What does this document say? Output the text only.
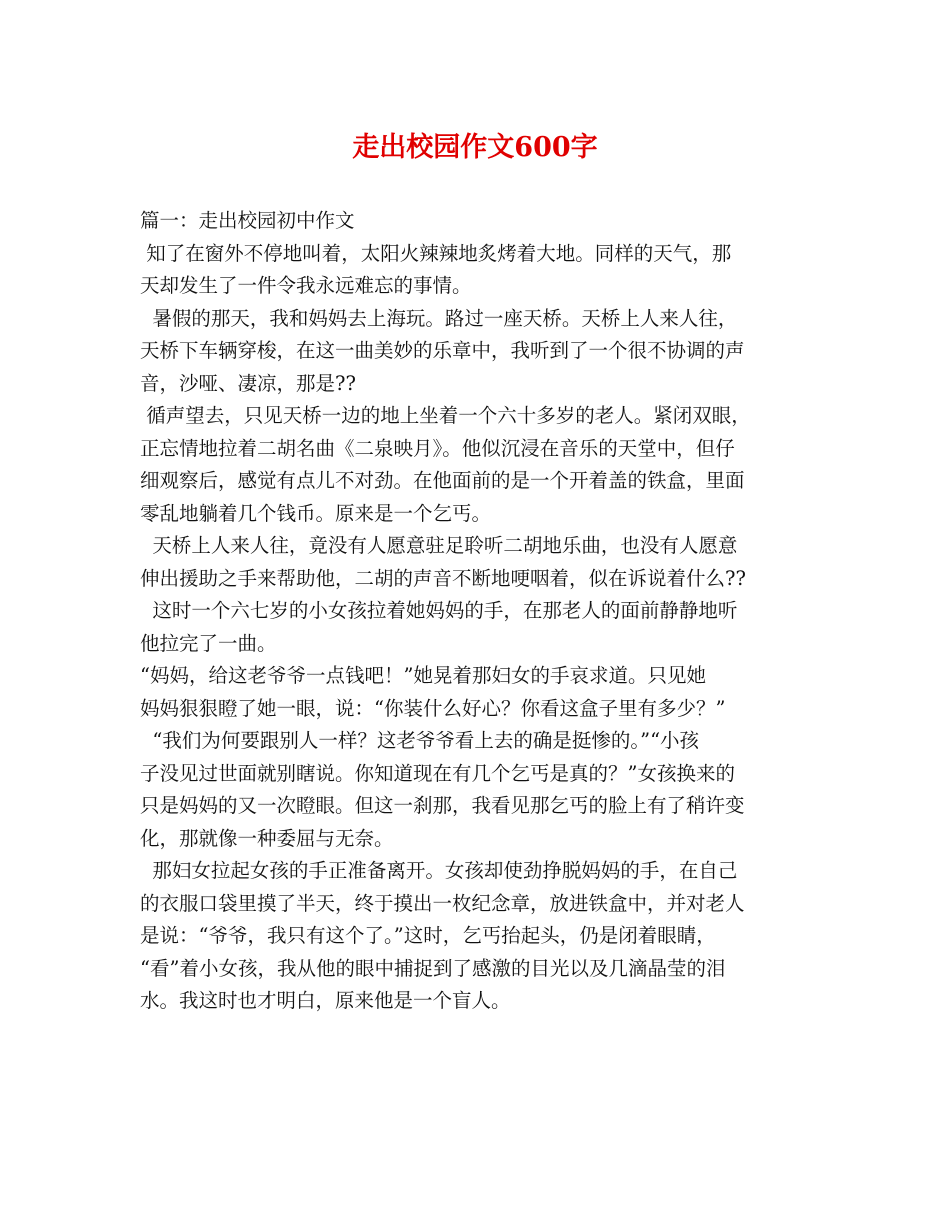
走出校园作文600字
篇一：走出校园初中作文
知了在窗外不停地叫着，太阳火辣辣地炙烤着大地。同样的天气，那
天却发生了一件令我永远难忘的事情。
暑假的那天，我和妈妈去上海玩。路过一座天桥。天桥上人来人往，
天桥下车辆穿梭，在这一曲美妙的乐章中，我听到了一个很不协调的声
音，沙哑、凄凉，那是??
循声望去，只见天桥一边的地上坐着一个六十多岁的老人。紧闭双眼，
正忘情地拉着二胡名曲《二泉映月》。他似沉浸在音乐的天堂中，但仔
细观察后，感觉有点儿不对劲。在他面前的是一个开着盖的铁盒，里面
零乱地躺着几个钱币。原来是一个乞丐。
天桥上人来人往，竟没有人愿意驻足聆听二胡地乐曲，也没有人愿意
伸出援助之手来帮助他，二胡的声音不断地哽咽着，似在诉说着什么??
这时一个六七岁的小女孩拉着她妈妈的手，在那老人的面前静静地听
他拉完了一曲。
“妈妈，给这老爷爷一点钱吧！”她晃着那妇女的手哀求道。只见她
妈妈狠狠瞪了她一眼，说：“你装什么好心？你看这盒子里有多少？”
“我们为何要跟别人一样？这老爷爷看上去的确是挺惨的。”“小孩
子没见过世面就别瞎说。你知道现在有几个乞丐是真的？”女孩换来的
只是妈妈的又一次瞪眼。但这一刹那，我看见那乞丐的脸上有了稍许变
化，那就像一种委屈与无奈。
那妇女拉起女孩的手正准备离开。女孩却使劲挣脱妈妈的手，在自己
的衣服口袋里摸了半天，终于摸出一枚纪念章，放进铁盒中，并对老人
是说：“爷爷，我只有这个了。”这时，乞丐抬起头，仍是闭着眼睛，
“看”着小女孩，我从他的眼中捕捉到了感激的目光以及几滴晶莹的泪
水。我这时也才明白，原来他是一个盲人。
